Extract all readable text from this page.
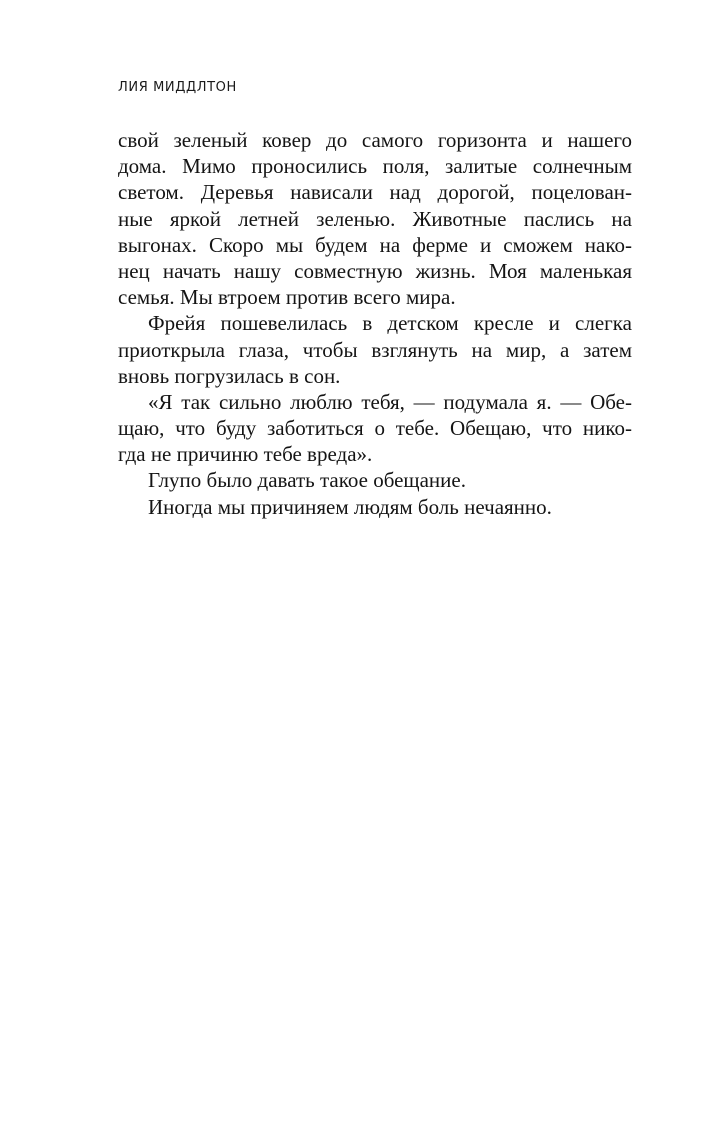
ЛИЯ МИДДЛТОН
свой зеленый ковер до самого горизонта и нашего
дома. Мимо проносились поля, залитые солнечным
светом. Деревья нависали над дорогой, поцелован-
ные яркой летней зеленью. Животные паслись на
выгонах. Скоро мы будем на ферме и сможем нако-
нец начать нашу совместную жизнь. Моя маленькая
семья. Мы втроем против всего мира.
Фрейя пошевелилась в детском кресле и слегка
приоткрыла глаза, чтобы взглянуть на мир, а затем
вновь погрузилась в сон.
«Я так сильно люблю тебя, — подумала я. — Обе-
щаю, что буду заботиться о тебе. Обещаю, что нико-
гда не причиню тебе вреда».
Глупо было давать такое обещание.
Иногда мы причиняем людям боль нечаянно.
